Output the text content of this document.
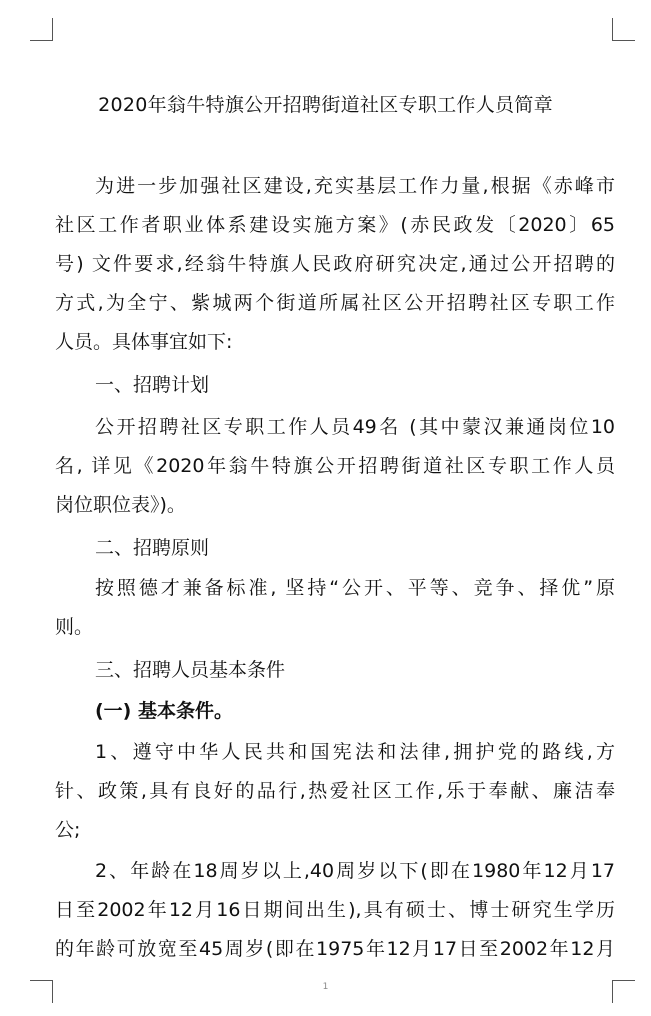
2020年翁牛特旗公开招聘街道社区专职工作人员简章
为进一步加强社区建设,充实基层工作力量,根据《赤峰市
社区工作者职业体系建设实施方案》(赤民政发〔2020〕65
号) 文件要求,经翁牛特旗人民政府研究决定,通过公开招聘的
方式,为全宁、紫城两个街道所属社区公开招聘社区专职工作
人员。具体事宜如下:
一、招聘计划
公开招聘社区专职工作人员49名 (其中蒙汉兼通岗位10
名, 详见《2020年翁牛特旗公开招聘街道社区专职工作人员
岗位职位表》)。
二、招聘原则
按照德才兼备标准, 坚持“公开、平等、竞争、择优”原
则。
三、招聘人员基本条件
(一) 基本条件。
1、遵守中华人民共和国宪法和法律,拥护党的路线,方
针、政策,具有良好的品行,热爱社区工作,乐于奉献、廉洁奉
公;
2、年龄在18周岁以上,40周岁以下(即在1980年12月17
日至2002年12月16日期间出生),具有硕士、博士研究生学历
的年龄可放宽至45周岁(即在1975年12月17日至2002年12月
1
